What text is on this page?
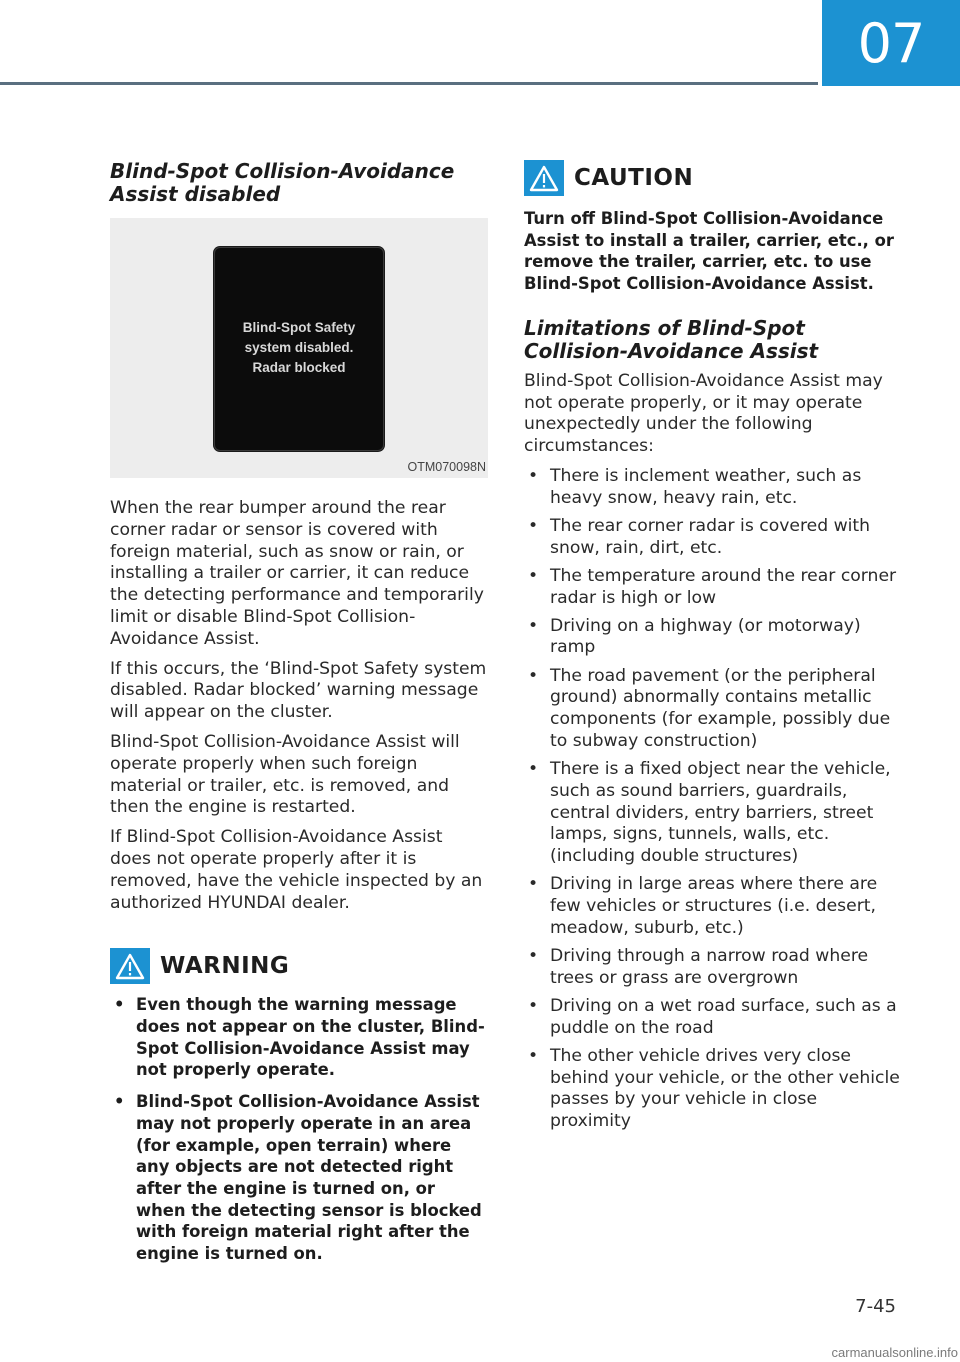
07
Blind-Spot Collision-Avoidance Assist disabled
Blind-Spot Safety
system disabled.
Radar blocked
OTM070098N

When the rear bumper around the rear corner radar or sensor is covered with foreign material, such as snow or rain, or installing a trailer or carrier, it can reduce the detecting performance and temporarily limit or disable Blind-Spot Collision-Avoidance Assist.

If this occurs, the ‘Blind-Spot Safety system disabled. Radar blocked’ warning message will appear on the cluster.

Blind-Spot Collision-Avoidance Assist will operate properly when such foreign material or trailer, etc. is removed, and then the engine is restarted.

If Blind-Spot Collision-Avoidance Assist does not operate properly after it is removed, have the vehicle inspected by an authorized HYUNDAI dealer.

WARNING
• Even though the warning message does not appear on the cluster, Blind- Spot Collision-Avoidance Assist may not properly operate.
• Blind-Spot Collision-Avoidance Assist may not properly operate in an area (for example, open terrain) where any objects are not detected right after the engine is turned on, or when the detecting sensor is blocked with foreign material right after the engine is turned on.
CAUTION

Turn off Blind-Spot Collision-Avoidance Assist to install a trailer, carrier, etc., or remove the trailer, carrier, etc. to use Blind-Spot Collision-Avoidance Assist.

Limitations of Blind-Spot Collision-Avoidance Assist

Blind-Spot Collision-Avoidance Assist may not operate properly, or it may operate unexpectedly under the following circumstances:

• There is inclement weather, such as heavy snow, heavy rain, etc.
• The rear corner radar is covered with snow, rain, dirt, etc.
• The temperature around the rear corner radar is high or low
• Driving on a highway (or motorway) ramp
• The road pavement (or the peripheral ground) abnormally contains metallic components (for example, possibly due to subway construction)
• There is a fixed object near the vehicle, such as sound barriers, guardrails, central dividers, entry barriers, street lamps, signs, tunnels, walls, etc. (including double structures)
• Driving in large areas where there are few vehicles or structures (i.e. desert, meadow, suburb, etc.)
• Driving through a narrow road where trees or grass are overgrown
• Driving on a wet road surface, such as a puddle on the road
• The other vehicle drives very close behind your vehicle, or the other vehicle passes by your vehicle in close proximity
7-45
carmanualsonline.info
